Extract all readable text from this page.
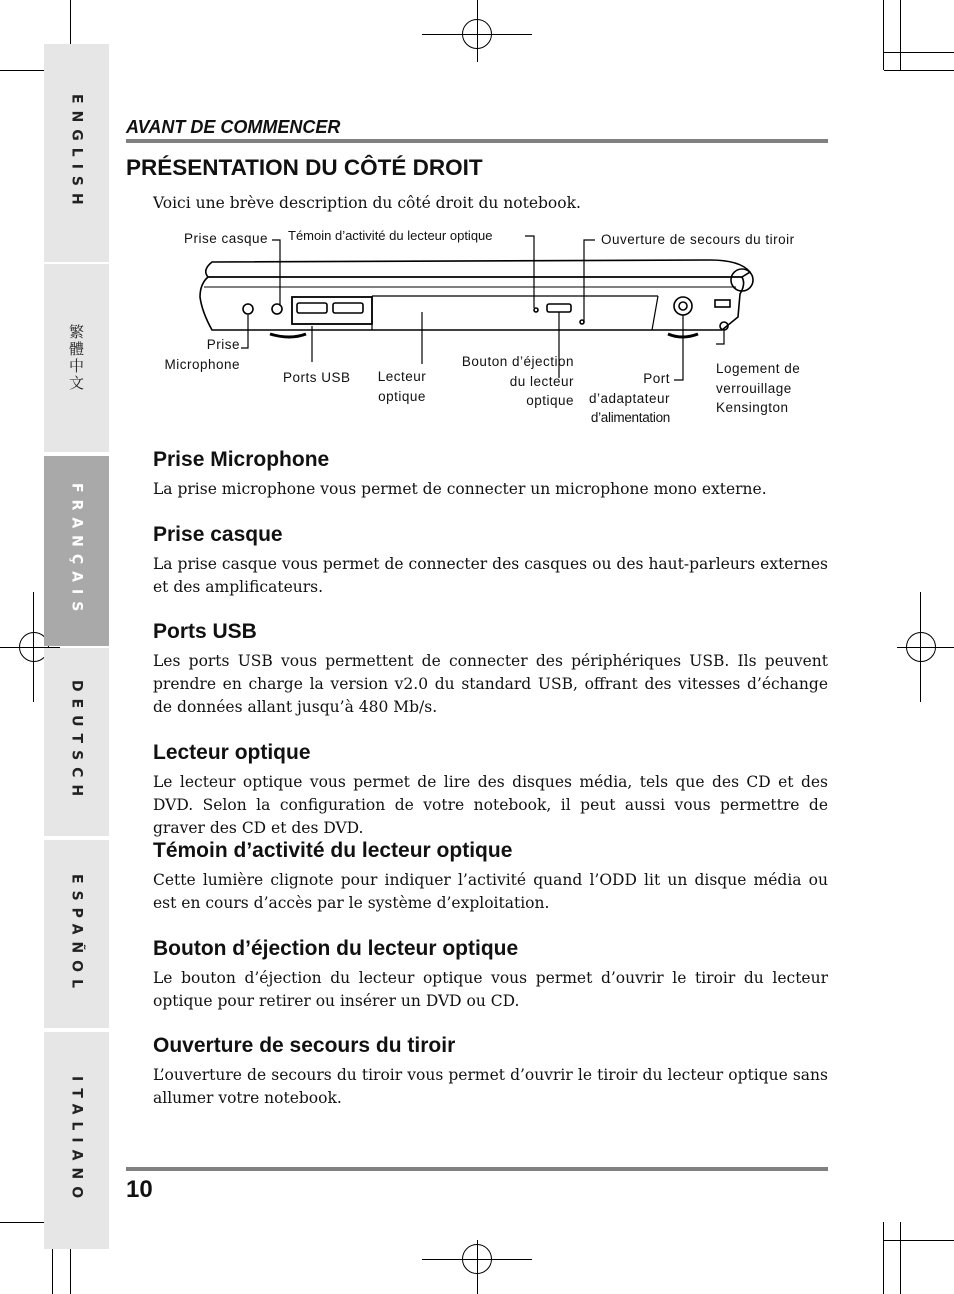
ENGLISH
繁體中文
FRANÇAIS
DEUTSCH
ESPAÑOL
ITALIANO
AVANT DE COMMENCER
PRÉSENTATION DU CÔTÉ DROIT
Voici une brève description du côté droit du notebook.
Prise casque Témoin d’activité du lecteur optique	Ouverture de secours du tiroir
Prise
Microphone
Ports USB Lecteur
optique
Bouton d’éjection
du lecteur
optique
Port
d’adaptateur
d’alimentation
Logement de
verrouillage
Kensington
Prise Microphone

La prise microphone vous permet de connecter un microphone mono externe.

Prise casque

La prise casque vous permet de connecter des casques ou des haut-parleurs externes et des amplificateurs.

Ports USB

Les ports USB vous permettent de connecter des périphériques USB. Ils peuvent prendre en charge la version v2.0 du standard USB, offrant des vitesses d’échange de données allant jusqu’à 480 Mb/s.

Lecteur optique

Le lecteur optique vous permet de lire des disques média, tels que des CD et des DVD. Selon la configuration de votre notebook, il peut aussi vous permettre de graver des CD et des DVD.

Témoin d’activité du lecteur optique

Cette lumière clignote pour indiquer l’activité quand l’ODD lit un disque média ou est en cours d’accès par le système d’exploitation.

Bouton d’éjection du lecteur optique

Le bouton d’éjection du lecteur optique vous permet d’ouvrir le tiroir du lecteur optique pour retirer ou insérer un DVD ou CD.

Ouverture de secours du tiroir

L’ouverture de secours du tiroir vous permet d’ouvrir le tiroir du lecteur optique sans allumer votre notebook.

10
